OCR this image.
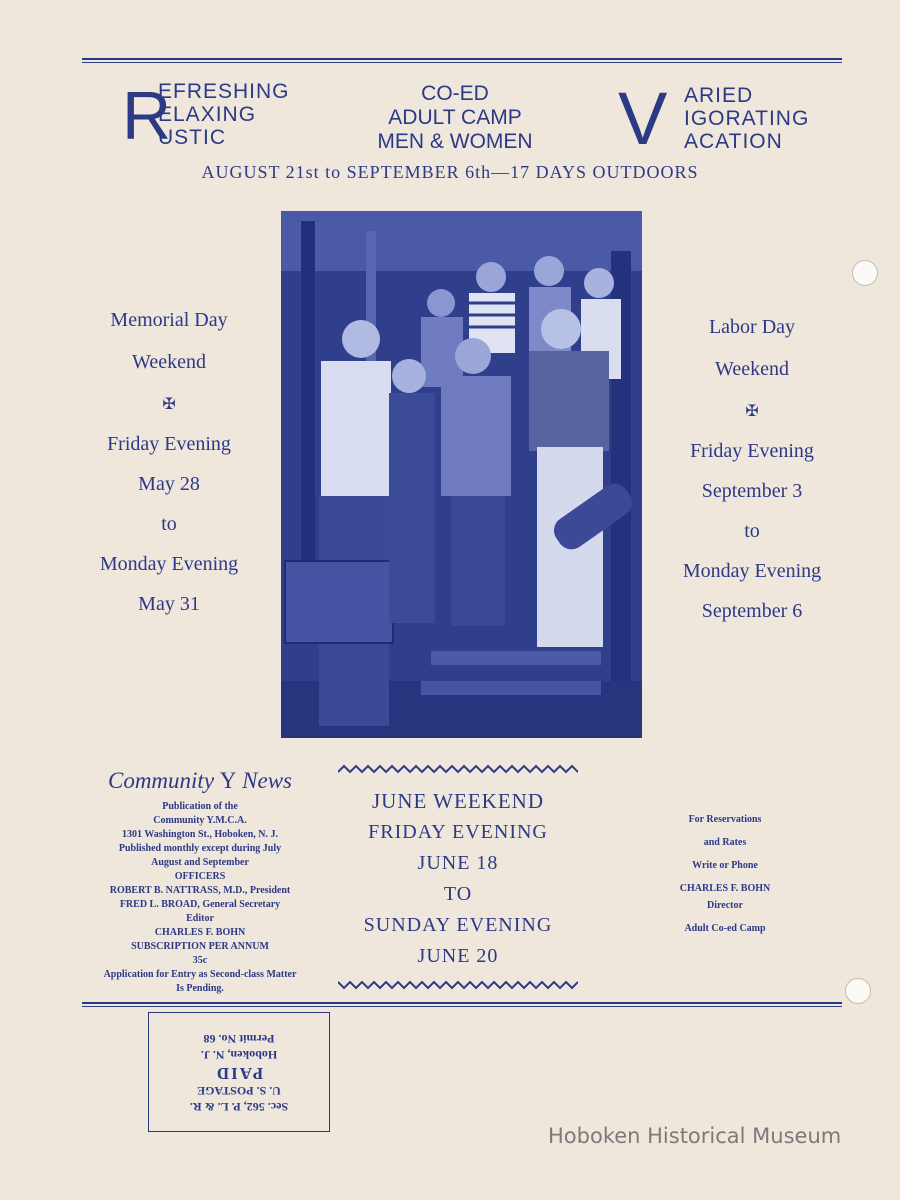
R
EFRESHING
ELAXING
USTIC
CO-ED
ADULT CAMP
MEN & WOMEN	V ARIED
IGORATING
ACATION
AUGUST 21st to SEPTEMBER 6th—17 DAYS OUTDOORS
Memorial Day
Weekend
✠
Friday Evening
May 28
to
Monday Evening
May 31
Labor Day
Weekend
✠
Friday Evening
September 3
to
Monday Evening
September 6
Community Y News
Publication of the
Community Y.M.C.A.
1301 Washington St., Hoboken, N. J.
Published monthly except during July
August and September
OFFICERS
ROBERT B. NATTRASS, M.D., President
FRED L. BROAD, General Secretary
Editor
CHARLES F. BOHN
SUBSCRIPTION PER ANNUM
35c
Application for Entry as Second-class Matter
Is Pending.
JUNE WEEKEND
FRIDAY EVENING
JUNE 18
TO
SUNDAY EVENING
JUNE 20
For Reservations
and Rates
Write or Phone
CHARLES F. BOHN
Director
Adult Co-ed Camp
Sec. 562, P. L. & R.
U. S. POSTAGE
PAID
Hoboken, N. J.
Permit No. 68
Hoboken Historical Museum
